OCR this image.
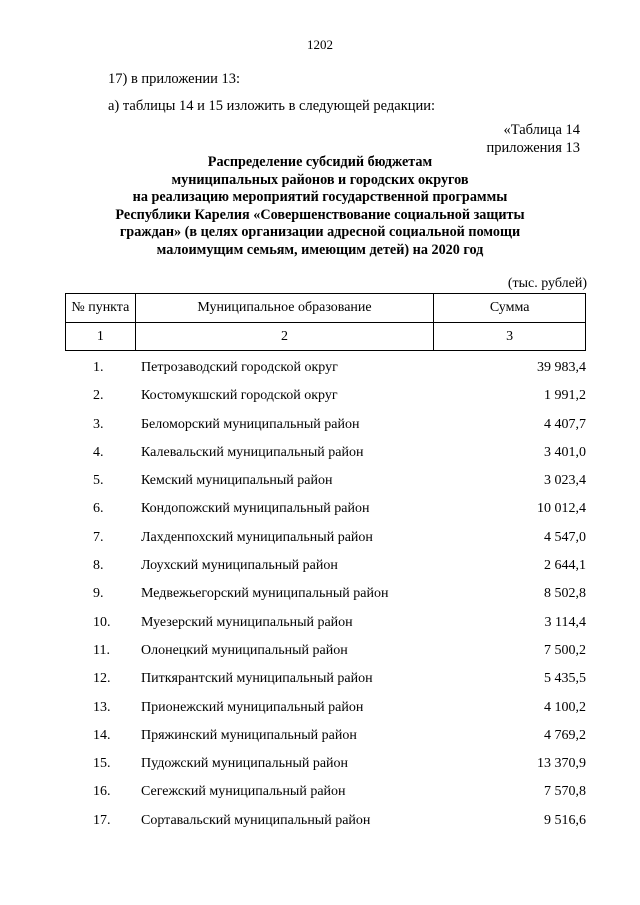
1202
17) в приложении 13:
а) таблицы 14 и 15 изложить в следующей редакции:
«Таблица 14
приложения 13
Распределение субсидий бюджетам
муниципальных районов и городских округов
на реализацию мероприятий государственной программы
Республики Карелия «Совершенствование социальной защиты
граждан» (в целях организации адресной социальной помощи
малоимущим семьям, имеющим детей) на 2020 год
(тыс. рублей)
№ пункта	Муниципальное образование	Сумма
1	2	3
1.	Петрозаводский городской округ	39 983,4
2.	Костомукшский городской округ	1 991,2
3.	Беломорский муниципальный район	4 407,7
4.	Калевальский муниципальный район	3 401,0
5.	Кемский муниципальный район	3 023,4
6.	Кондопожский муниципальный район	10 012,4
7.	Лахденпохский муниципальный район	4 547,0
8.	Лоухский муниципальный район	2 644,1
9.	Медвежьегорский муниципальный район	8 502,8
10. Муезерский муниципальный район	3 114,4
11. Олонецкий муниципальный район	7 500,2
12. Питкярантский муниципальный район	5 435,5
13. Прионежский муниципальный район	4 100,2
14. Пряжинский муниципальный район	4 769,2
15. Пудожский муниципальный район	13 370,9
16. Сегежский муниципальный район	7 570,8
17. Сортавальский муниципальный район	9 516,6
